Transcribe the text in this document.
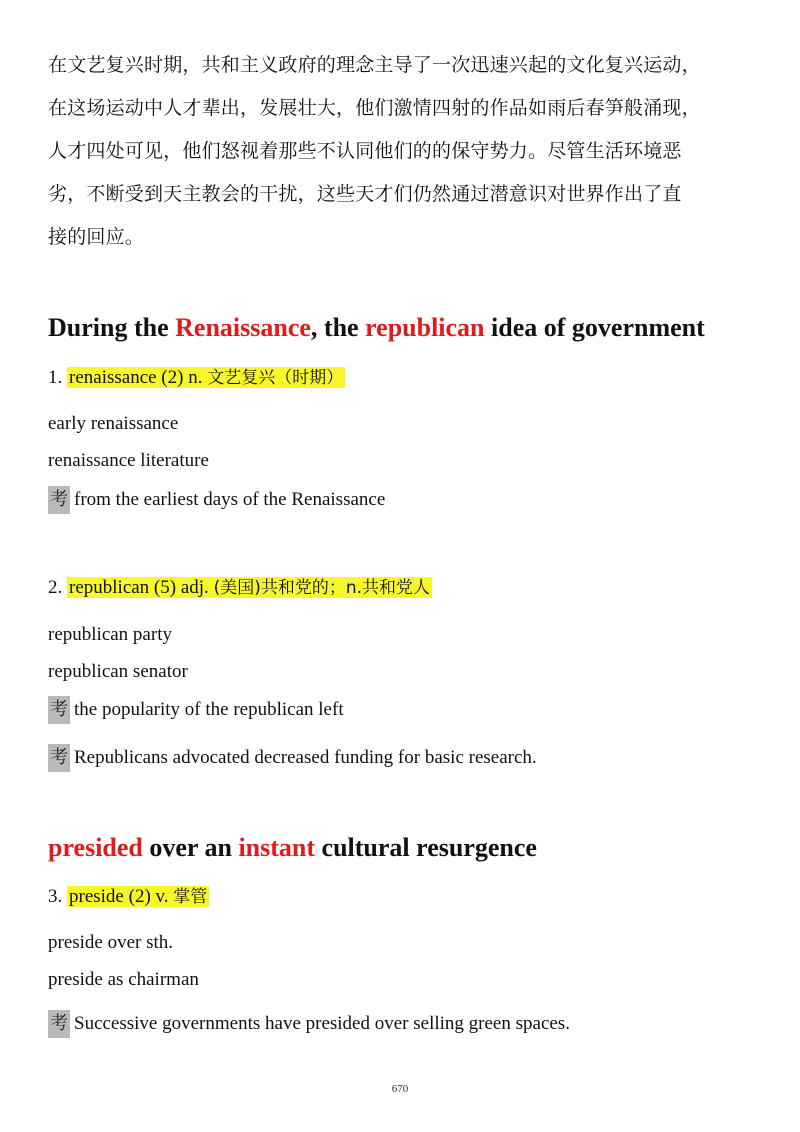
在文艺复兴时期，共和主义政府的理念主导了一次迅速兴起的文化复兴运动，

在这场运动中人才辈出，发展壮大，他们激情四射的作品如雨后春笋般涌现，

人才四处可见，他们怒视着那些不认同他们的的保守势力。尽管生活环境恶

劣，不断受到天主教会的干扰，这些天才们仍然通过潜意识对世界作出了直

接的回应。

During the Renaissance, the republican idea of government
1. renaissance (2) n. 文艺复兴（时期）
early renaissance
renaissance literature
考 from the earliest days of the Renaissance
2. republican (5) adj. (美国)共和党的；n.共和党人
republican party
republican senator
考 the popularity of the republican left
考 Republicans advocated decreased funding for basic research.
presided over an instant cultural resurgence
3. preside (2) v. 掌管
preside over sth.
preside as chairman
考 Successive governments have presided over selling green spaces.
670
